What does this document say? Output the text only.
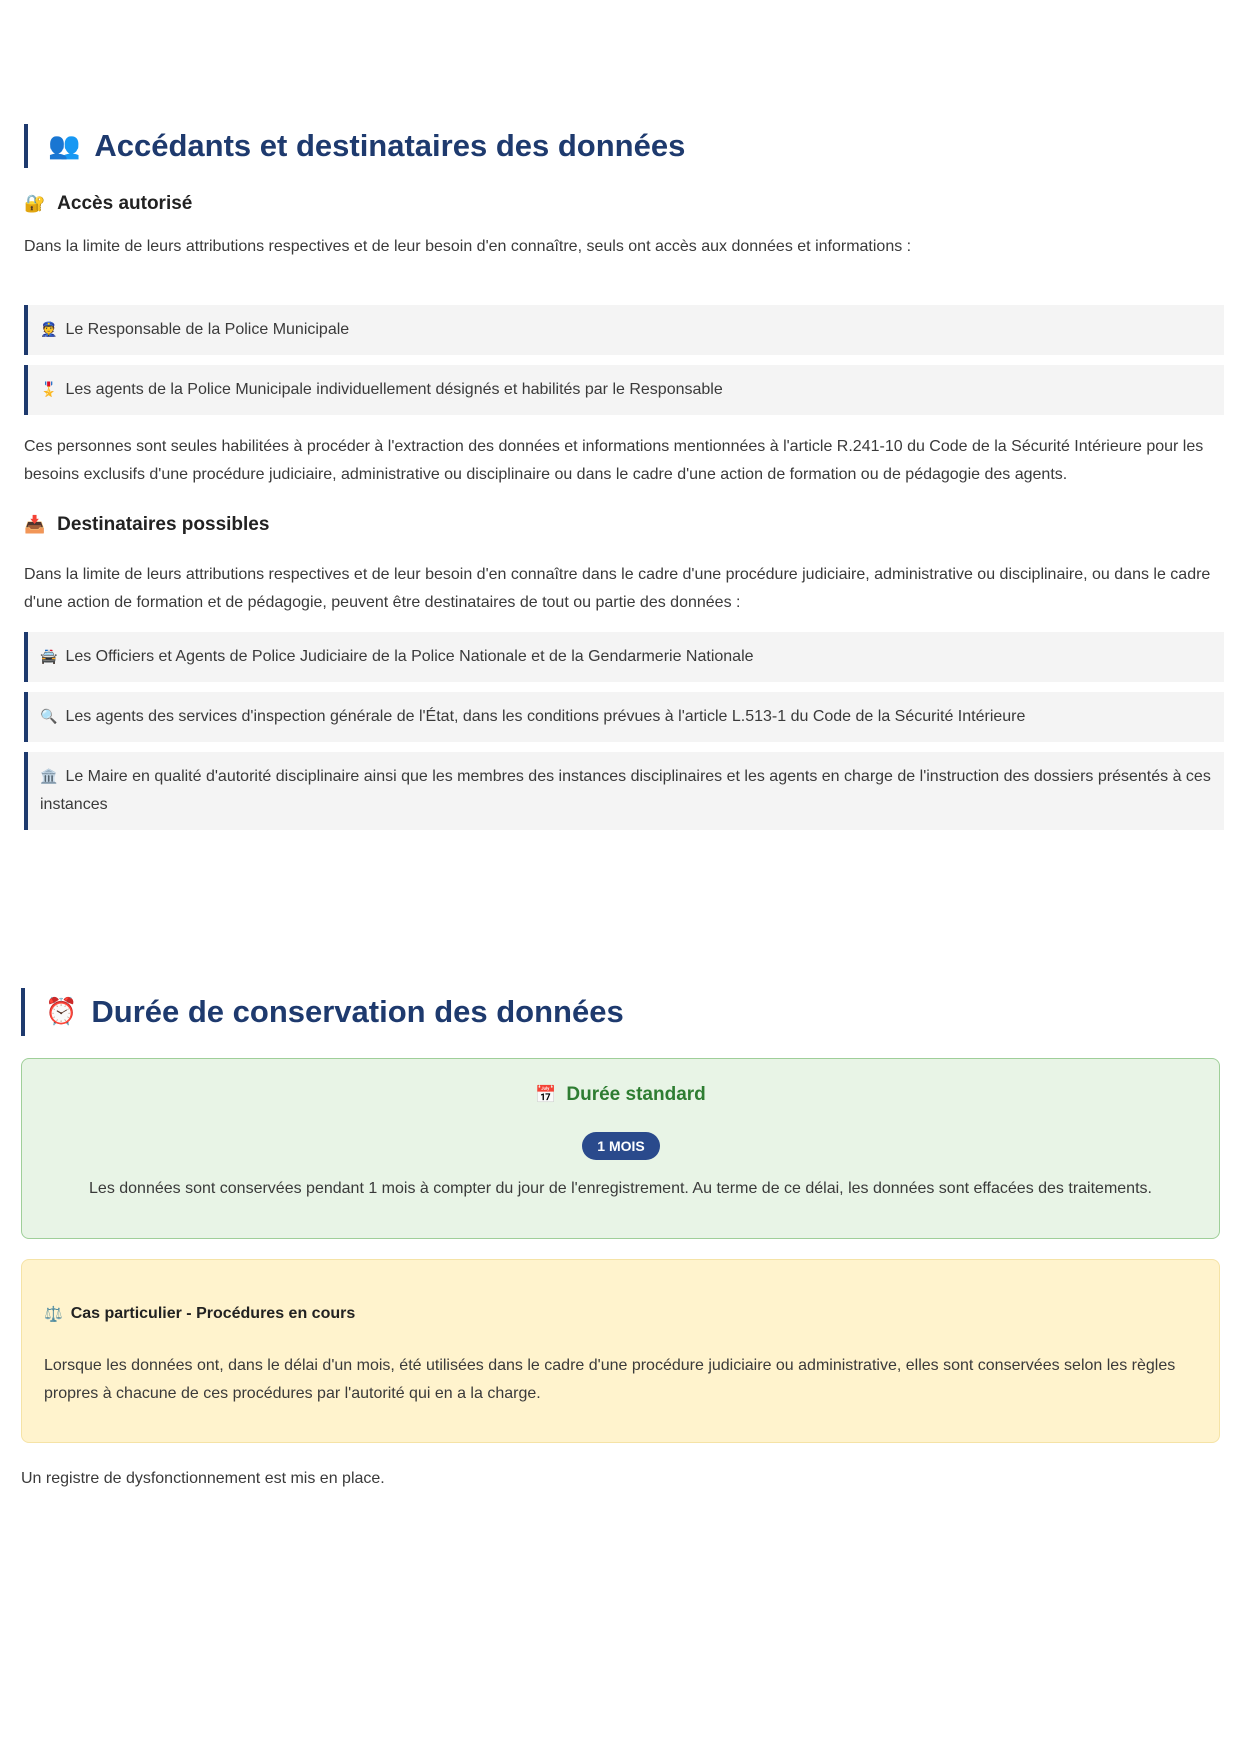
👥 Accédants et destinataires des données
🔐 Accès autorisé

Dans la limite de leurs attributions respectives et de leur besoin d'en connaître, seuls ont accès aux données et informations :

👮 Le Responsable de la Police Municipale
🎖️ Les agents de la Police Municipale individuellement désignés et habilités par le Responsable

Ces personnes sont seules habilitées à procéder à l'extraction des données et informations mentionnées à l'article R.241-10 du Code de la Sécurité Intérieure pour les besoins exclusifs d'une procédure judiciaire, administrative ou disciplinaire ou dans le cadre d'une action de formation ou de pédagogie des agents.

📥 Destinataires possibles

Dans la limite de leurs attributions respectives et de leur besoin d'en connaître dans le cadre d'une procédure judiciaire, administrative ou disciplinaire, ou dans le cadre d'une action de formation et de pédagogie, peuvent être destinataires de tout ou partie des données :

🚔 Les Officiers et Agents de Police Judiciaire de la Police Nationale et de la Gendarmerie Nationale
🔍 Les agents des services d'inspection générale de l'État, dans les conditions prévues à l'article L.513-1 du Code de la Sécurité Intérieure
🏛️ Le Maire en qualité d'autorité disciplinaire ainsi que les membres des instances disciplinaires et les agents en charge de l'instruction des dossiers présentés à ces instances
⏰ Durée de conservation des données
📅 Durée standard
1 MOIS

Les données sont conservées pendant 1 mois à compter du jour de l'enregistrement. Au terme de ce délai, les données sont effacées des traitements.

⚖️ Cas particulier - Procédures en cours

Lorsque les données ont, dans le délai d'un mois, été utilisées dans le cadre d'une procédure judiciaire ou administrative, elles sont conservées selon les règles propres à chacune de ces procédures par l'autorité qui en a la charge.

Un registre de dysfonctionnement est mis en place.
